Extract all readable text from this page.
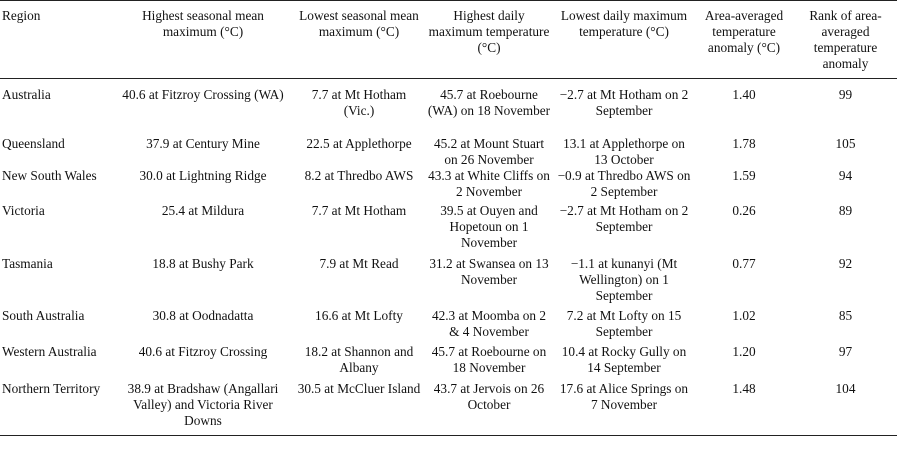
Region	Highest seasonal mean maximum (°C)	Lowest seasonal mean maximum (°C)	Highest daily maximum temperature (°C)	Lowest daily maximum temperature (°C)	Area-averaged temperature anomaly (°C)	Rank of area-averaged temperature anomaly
Australia	40.6 at Fitzroy Crossing (WA)	7.7 at Mt Hotham (Vic.)	45.7 at Roebourne (WA) on 18 November	−2.7 at Mt Hotham on 2 September	1.40	99
Queensland	37.9 at Century Mine	22.5 at Applethorpe	45.2 at Mount Stuart on 26 November	13.1 at Applethorpe on 13 October	1.78	105
New South Wales	30.0 at Lightning Ridge	8.2 at Thredbo AWS	43.3 at White Cliffs on 2 November	−0.9 at Thredbo AWS on 2 September	1.59	94
Victoria	25.4 at Mildura	7.7 at Mt Hotham	39.5 at Ouyen and Hopetoun on 1 November	−2.7 at Mt Hotham on 2 September	0.26	89
Tasmania	18.8 at Bushy Park	7.9 at Mt Read	31.2 at Swansea on 13 November	−1.1 at kunanyi (Mt Wellington) on 1 September	0.77	92
South Australia	30.8 at Oodnadatta	16.6 at Mt Lofty	42.3 at Moomba on 2 & 4 November	7.2 at Mt Lofty on 15 September	1.02	85
Western Australia	40.6 at Fitzroy Crossing	18.2 at Shannon and Albany	45.7 at Roebourne on 18 November	10.4 at Rocky Gully on 14 September	1.20	97
Northern Territory	38.9 at Bradshaw (Angallari Valley) and Victoria River Downs	30.5 at McCluer Island	43.7 at Jervois on 26 October	17.6 at Alice Springs on 7 November	1.48	104
